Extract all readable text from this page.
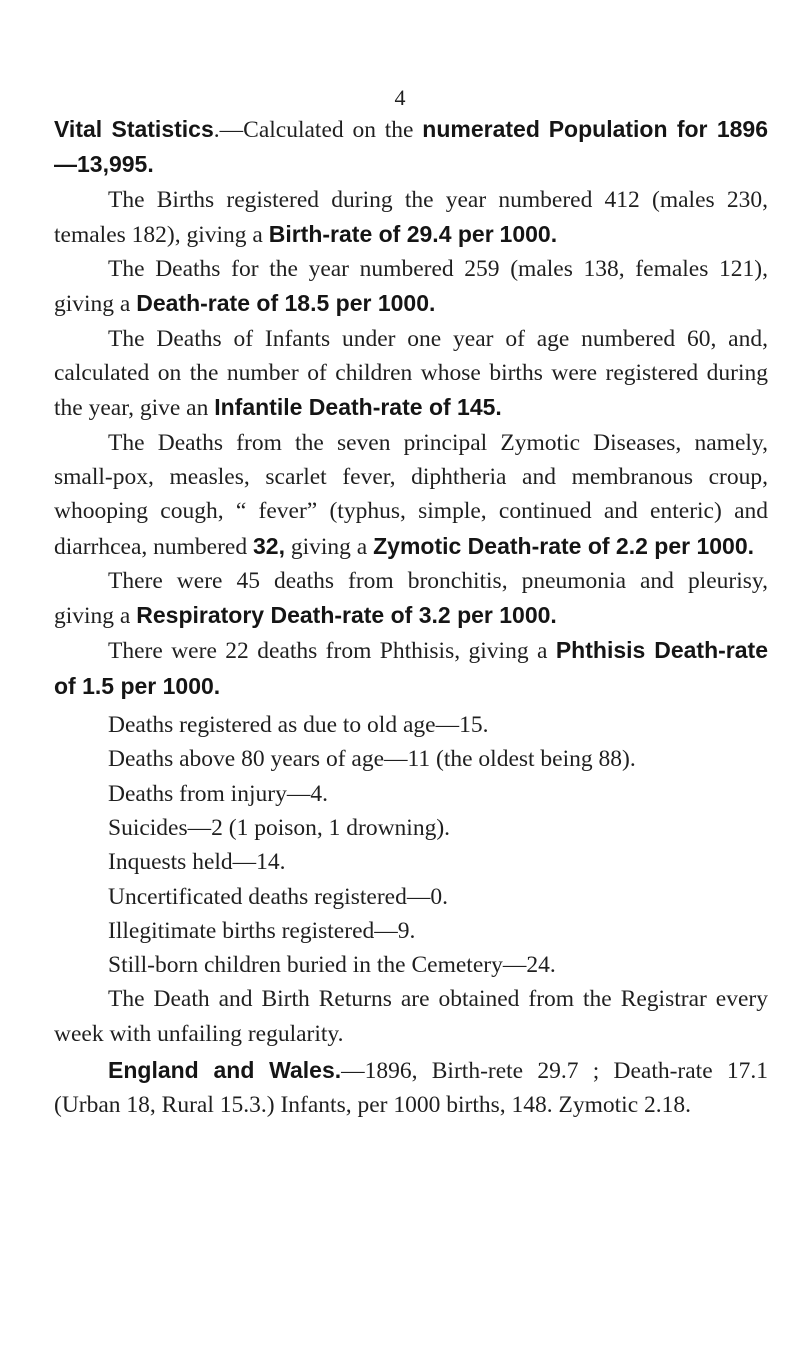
4

Vital Statistics.—Calculated on the numerated Population for 1896—13,995.

The Births registered during the year numbered 412 (males 230, temales 182), giving a Birth-rate of 29.4 per 1000.

The Deaths for the year numbered 259 (males 138, females 121), giving a Death-rate of 18.5 per 1000.

The Deaths of Infants under one year of age numbered 60, and, calculated on the number of children whose births were registered during the year, give an Infantile Death-rate of 145.

The Deaths from the seven principal Zymotic Diseases, namely, small-pox, measles, scarlet fever, diphtheria and membranous croup, whooping cough, “ fever” (typhus, simple, continued and enteric) and diarrhcea, numbered 32, giving a Zymotic Death-rate of 2.2 per 1000.

There were 45 deaths from bronchitis, pneumonia and pleurisy, giving a Respiratory Death-rate of 3.2 per 1000.

There were 22 deaths from Phthisis, giving a Phthisis Death-rate of 1.5 per 1000.

Deaths registered as due to old age—15.

Deaths above 80 years of age—11 (the oldest being 88).

Deaths from injury—4.

Suicides—2 (1 poison, 1 drowning).

Inquests held—14.

Uncertificated deaths registered—0.

Illegitimate births registered—9.

Still-born children buried in the Cemetery—24.

The Death and Birth Returns are obtained from the Registrar every week with unfailing regularity.

England and Wales.—1896, Birth-rete 29.7 ; Death-rate 17.1 (Urban 18, Rural 15.3.) Infants, per 1000 births, 148. Zymotic 2.18.
